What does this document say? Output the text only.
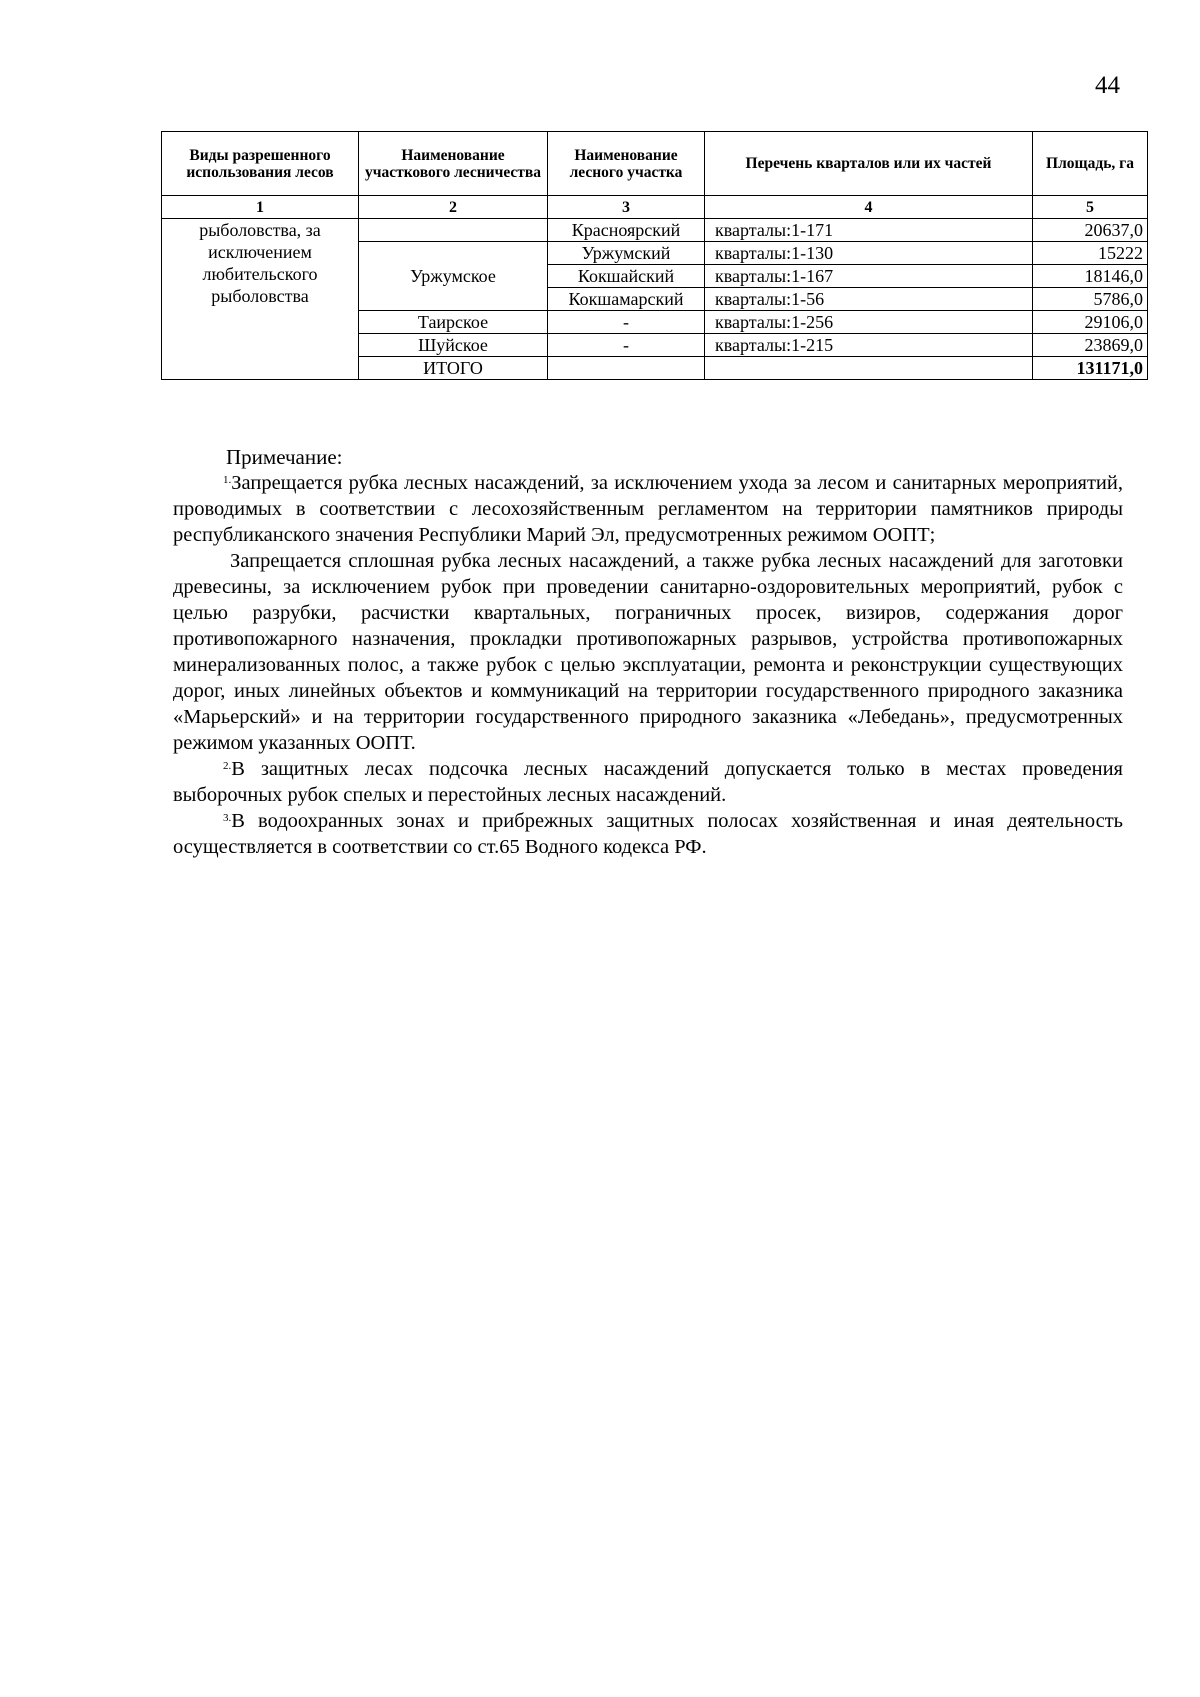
44
Виды разрешенного использования лесов	Наименование участкового лесничества	Наименование лесного участка	Перечень кварталов или их частей	Площадь, га
1	2	3	4	5
рыболовства, за исключением любительского рыболовства		Красноярский	кварталы:1-171	20637,0
	Уржумское	Уржумский	кварталы:1-130	15222
		Кокшайский	кварталы:1-167	18146,0
		Кокшамарский	кварталы:1-56	5786,0
	Таирское	-	кварталы:1-256	29106,0
	Шуйское	-	кварталы:1-215	23869,0
	ИТОГО			131171,0
Примечание:

$^{1.}$Запрещается рубка лесных насаждений, за исключением ухода за лесом и санитарных мероприятий, проводимых в соответствии с лесохозяйственным регламентом на территории памятников природы республиканского значения Республики Марий Эл, предусмотренных режимом ООПТ;

Запрещается сплошная рубка лесных насаждений, а также рубка лесных насаждений для заготовки древесины, за исключением рубок при проведении санитарно-оздоровительных мероприятий, рубок с целью разрубки, расчистки квартальных, пограничных просек, визиров, содержания дорог противопожарного назначения, прокладки противопожарных разрывов, устройства противопожарных минерализованных полос, а также рубок с целью эксплуатации, ремонта и реконструкции существующих дорог, иных линейных объектов и коммуникаций на территории государственного природного заказника «Марьерский» и на территории государственного природного заказника «Лебедань», предусмотренных режимом указанных ООПТ.

$^{2.}$В защитных лесах подсочка лесных насаждений допускается только в местах проведения выборочных рубок спелых и перестойных лесных насаждений.

$^{3.}$В водоохранных зонах и прибрежных защитных полосах хозяйственная и иная деятельность осуществляется в соответствии со ст.65 Водного кодекса РФ.
